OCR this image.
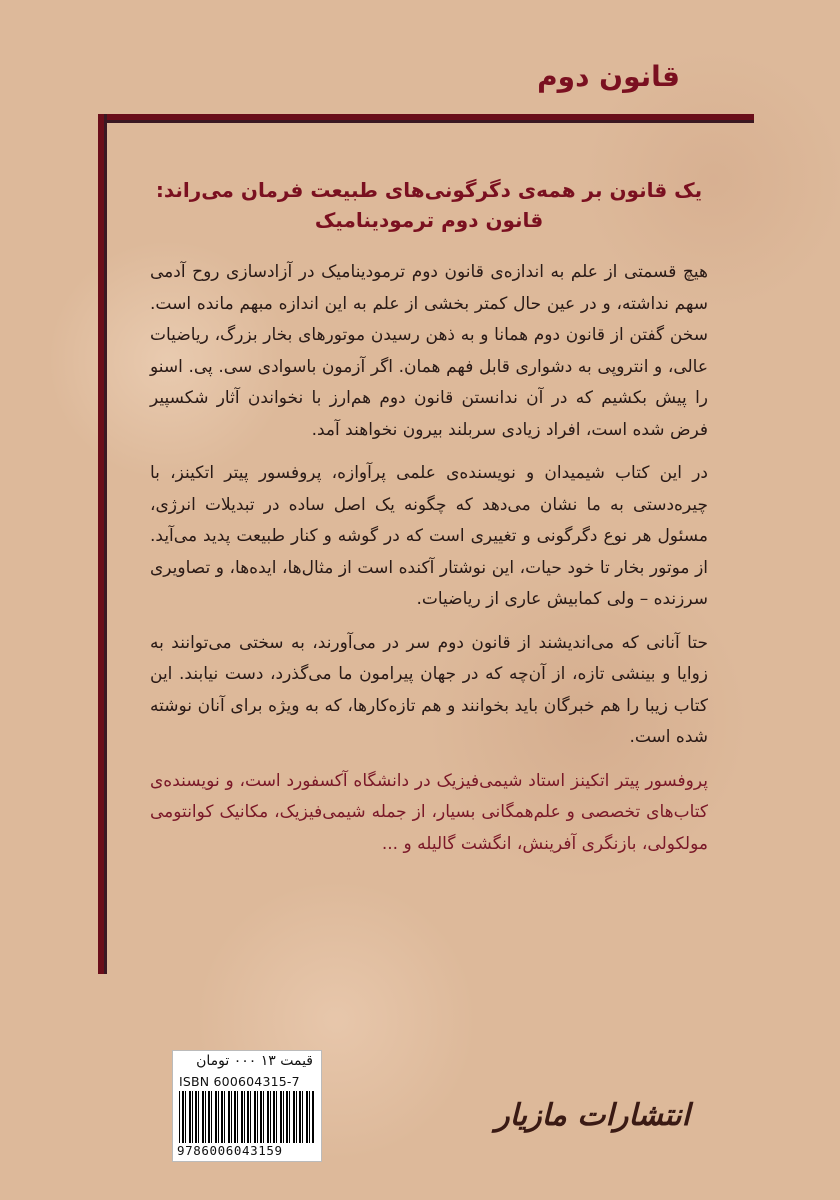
قانون دوم
یک قانون بر همه‌ی دگرگونی‌های طبیعت فرمان می‌راند:
قانون دوم ترمودینامیک

هیچ قسمتی از علم به اندازه‌ی قانون دوم ترمودینامیک در آزادسازی روح آدمی سهم نداشته، و در عین حال کمتر بخشی از علم به این اندازه مبهم مانده است. سخن گفتن از قانون دوم همانا و به ذهن رسیدن موتورهای بخار بزرگ، ریاضیات عالی، و انتروپی به دشواری قابل فهم همان. اگر آزمون باسوادی سی. پی. اسنو را پیش بکشیم که در آن ندانستن قانون دوم هم‌ارز با نخواندن آثار شکسپیر فرض شده است، افراد زیادی سربلند بیرون نخواهند آمد.

در این کتاب شیمیدان و نویسنده‌ی علمی پرآوازه، پروفسور پیتر اتکینز، با چیره‌دستی به ما نشان می‌دهد که چگونه یک اصل ساده در تبدیلات انرژی، مسئول هر نوع دگرگونی و تغییری است که در گوشه و کنار طبیعت پدید می‌آید. از موتور بخار تا خود حیات، این نوشتار آکنده است از مثال‌ها، ایده‌ها، و تصاویری سرزنده – ولی کمابیش عاری از ریاضیات.

حتا آنانی که می‌اندیشند از قانون دوم سر در می‌آورند، به سختی می‌توانند به زوایا و بینشی تازه، از آن‌چه که در جهان پیرامون ما می‌گذرد، دست نیابند. این کتاب زیبا را هم خبرگان باید بخوانند و هم تازه‌کارها، که به ویژه برای آنان نوشته شده است.

پروفسور پیتر اتکینز استاد شیمی‌فیزیک در دانشگاه آکسفورد است، و نویسنده‌ی کتاب‌های تخصصی و علم‌همگانی بسیار، از جمله شیمی‌فیزیک، مکانیک کوانتومی مولکولی، بازنگری آفرینش، انگشت گالیله و ...

قیمت ۱۳ ۰۰۰ تومان
ISBN 600604315-7
9786006043159
انتشارات مازیار
